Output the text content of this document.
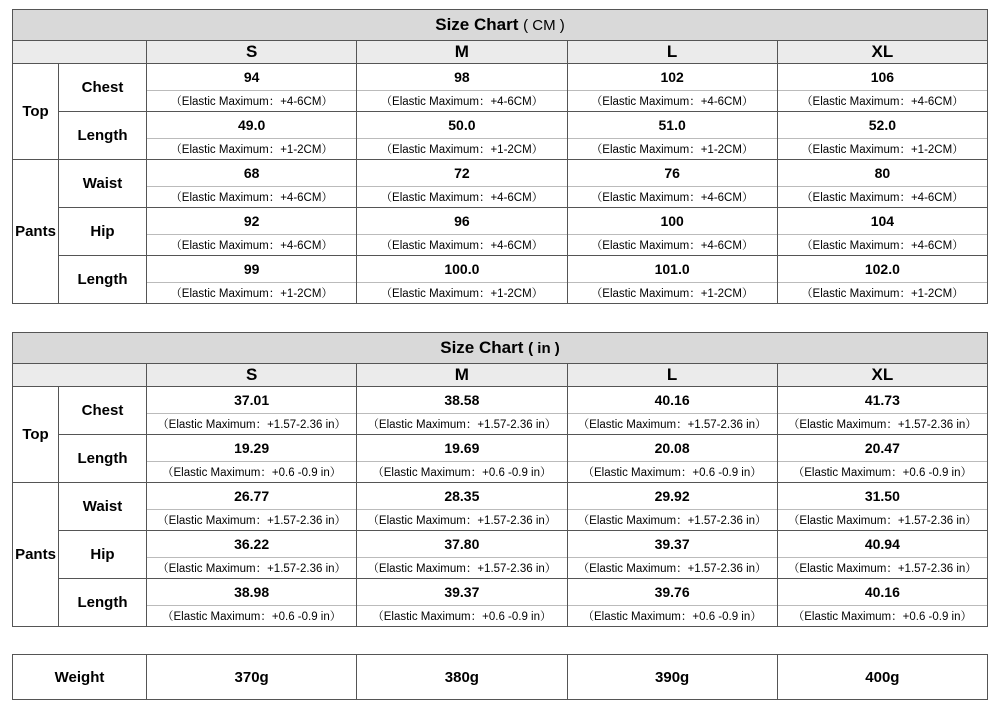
Size Chart ( CM )					
		S	M	L	XL
Top	Chest	94	98	102	106
		（Elastic Maximum：+4-6CM）	（Elastic Maximum：+4-6CM）	（Elastic Maximum：+4-6CM）	（Elastic Maximum：+4-6CM）
	Length	49.0	50.0	51.0	52.0
		（Elastic Maximum：+1-2CM）	（Elastic Maximum：+1-2CM）	（Elastic Maximum：+1-2CM）	（Elastic Maximum：+1-2CM）
Pants	Waist	68	72	76	80
		（Elastic Maximum：+4-6CM）	（Elastic Maximum：+4-6CM）	（Elastic Maximum：+4-6CM）	（Elastic Maximum：+4-6CM）
	Hip	92	96	100	104
		（Elastic Maximum：+4-6CM）	（Elastic Maximum：+4-6CM）	（Elastic Maximum：+4-6CM）	（Elastic Maximum：+4-6CM）
	Length	99	100.0	101.0	102.0
		（Elastic Maximum：+1-2CM）	（Elastic Maximum：+1-2CM）	（Elastic Maximum：+1-2CM）	（Elastic Maximum：+1-2CM）
Size Chart ( in )					
		S	M	L	XL
Top	Chest	37.01	38.58	40.16	41.73
		（Elastic Maximum：+1.57-2.36 in）	（Elastic Maximum：+1.57-2.36 in）	（Elastic Maximum：+1.57-2.36 in）	（Elastic Maximum：+1.57-2.36 in）
	Length	19.29	19.69	20.08	20.47
		（Elastic Maximum：+0.6 -0.9 in）	（Elastic Maximum：+0.6 -0.9 in）	（Elastic Maximum：+0.6 -0.9 in）	（Elastic Maximum：+0.6 -0.9 in）
Pants	Waist	26.77	28.35	29.92	31.50
		（Elastic Maximum：+1.57-2.36 in）	（Elastic Maximum：+1.57-2.36 in）	（Elastic Maximum：+1.57-2.36 in）	（Elastic Maximum：+1.57-2.36 in）
	Hip	36.22	37.80	39.37	40.94
		（Elastic Maximum：+1.57-2.36 in）	（Elastic Maximum：+1.57-2.36 in）	（Elastic Maximum：+1.57-2.36 in）	（Elastic Maximum：+1.57-2.36 in）
	Length	38.98	39.37	39.76	40.16
		（Elastic Maximum：+0.6 -0.9 in）	（Elastic Maximum：+0.6 -0.9 in）	（Elastic Maximum：+0.6 -0.9 in）	（Elastic Maximum：+0.6 -0.9 in）
Weight	370g	380g	390g	400g
